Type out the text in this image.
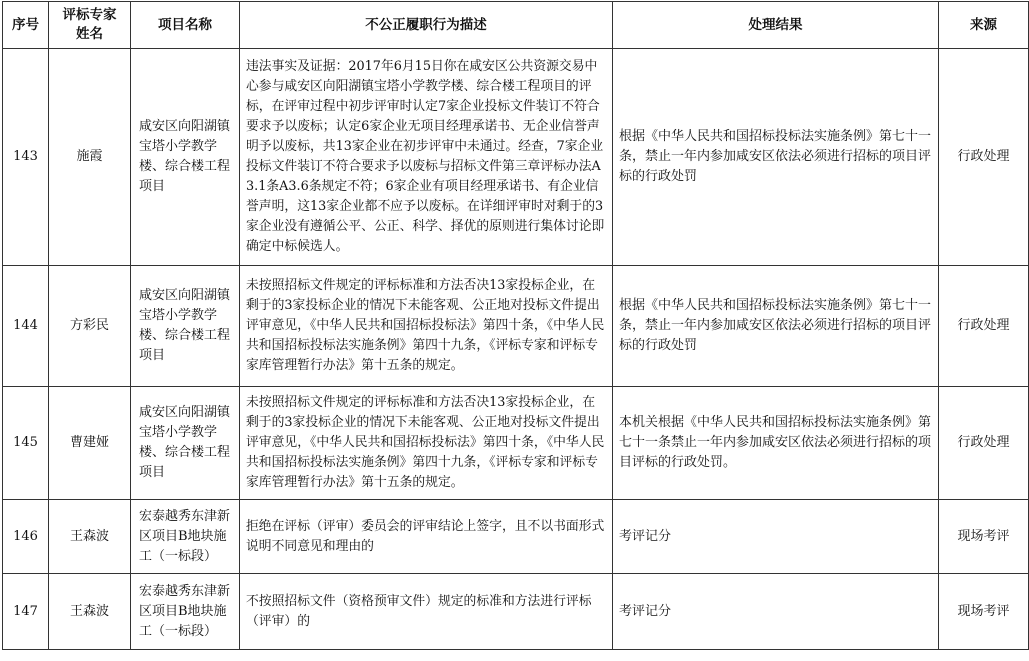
序号	评标专家姓名	项目名称	不公正履职行为描述	处理结果	来源
143	施霞	咸安区向阳湖镇宝塔小学教学楼、综合楼工程项目	违法事实及证据：2017年6月15日你在咸安区公共资源交易中心参与咸安区向阳湖镇宝塔小学教学楼、综合楼工程项目的评标，在评审过程中初步评审时认定7家企业投标文件装订不符合要求予以废标；认定6家企业无项目经理承诺书、无企业信誉声明予以废标，共13家企业在初步评审中未通过。经查，7家企业投标文件装订不符合要求予以废标与招标文件第三章评标办法A3.1条A3.6条规定不符；6家企业有项目经理承诺书、有企业信誉声明，这13家企业都不应予以废标。在详细评审时对剩于的3家企业没有遵循公平、公正、科学、择优的原则进行集体讨论即确定中标候选人。	根据《中华人民共和国招标投标法实施条例》第七十一条，禁止一年内参加咸安区依法必须进行招标的项目评标的行政处罚	行政处理
144	方彩民	咸安区向阳湖镇宝塔小学教学楼、综合楼工程项目	未按照招标文件规定的评标标准和方法否决13家投标企业，在剩于的3家投标企业的情况下未能客观、公正地对投标文件提出评审意见，《中华人民共和国招标投标法》第四十条，《中华人民共和国招标投标法实施条例》第四十九条，《评标专家和评标专家库管理暂行办法》第十五条的规定。	根据《中华人民共和国招标投标法实施条例》第七十一条，禁止一年内参加咸安区依法必须进行招标的项目评标的行政处罚	行政处理
145	曹建娅	咸安区向阳湖镇宝塔小学教学楼、综合楼工程项目	未按照招标文件规定的评标标准和方法否决13家投标企业，在剩于的3家投标企业的情况下未能客观、公正地对投标文件提出评审意见，《中华人民共和国招标投标法》第四十条，《中华人民共和国招标投标法实施条例》第四十九条，《评标专家和评标专家库管理暂行办法》第十五条的规定。	本机关根据《中华人民共和国招标投标法实施条例》第七十一条禁止一年内参加咸安区依法必须进行招标的项目评标的行政处罚。	行政处理
146	王森波	宏泰越秀东津新区项目B地块施工（一标段）	拒绝在评标（评审）委员会的评审结论上签字，且不以书面形式说明不同意见和理由的	考评记分	现场考评
147	王森波	宏泰越秀东津新区项目B地块施工（一标段）	不按照招标文件（资格预审文件）规定的标准和方法进行评标（评审）的	考评记分	现场考评
